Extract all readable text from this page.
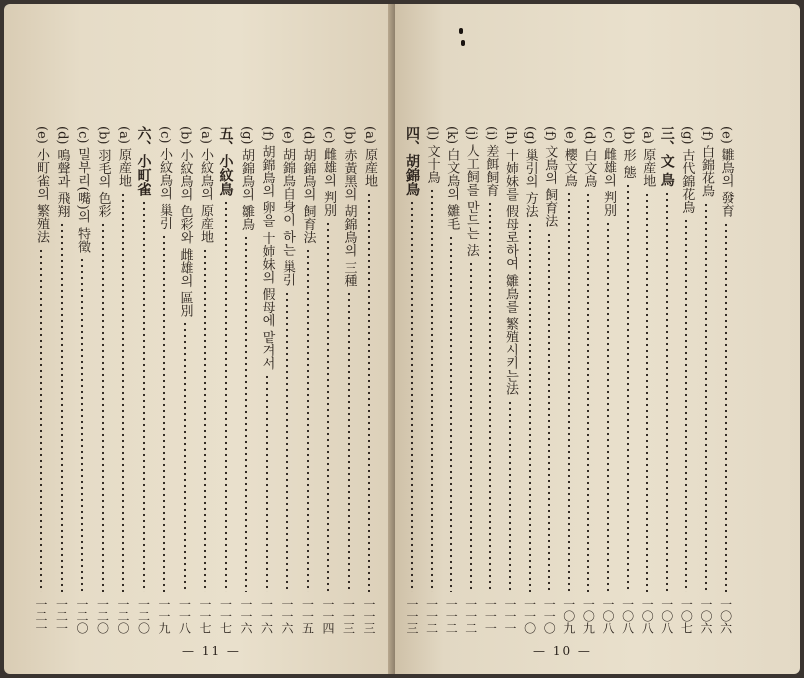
(e) 小町雀의 繁殖法
一二一
(d) 鳴聲과 飛翔
一二一
(c) 밀부리(嘴)의 特徵
一二〇
(b) 羽毛의 色彩
一二〇
(a) 原産地
一二〇
六、小町雀
一二〇
(c) 小紋鳥의 巢引
一一九
(b) 小紋鳥의 色彩와 雌雄의 區別
一一八
(a) 小紋鳥의 原産地
一一七
五、小紋鳥
一一七
(g) 胡錦鳥의 雛鳥
一一六
(f) 胡錦鳥의 卵을 十姉妹의 假母에 맡겨서
一一六
(e) 胡錦鳥自身이 하는 巢引
一一六
(d) 胡錦鳥의 飼育法
一一五
(c) 雌雄의 判別
一一四
(b) 赤黃黑의 胡錦鳥의 三種
一一三
(a) 原産地
一一三
— 11 —
四、胡錦鳥
一一三
(l) 文十鳥
一一二
(k) 白文鳥의 雛毛
一一二
(j) 人工飼를 만드는 法
一一二
(i) 差餌飼育
一一一
(h) 十姉妹를 假母로하여 雛鳥를 繁殖시키는法
一一一
(g) 巢引의 方法
一一〇
(f) 文鳥의 飼育法
一一〇
(e) 櫻文鳥
一〇九
(d) 白文鳥
一〇九
(c) 雌雄의 判別
一〇八
(b) 形 態
一〇八
(a) 原産地
一〇八
三、文 鳥
一〇八
(g) 古代錦花鳥
一〇七
(f) 白錦花鳥
一〇六
(e) 雛鳥의 發育
一〇六
— 10 —
